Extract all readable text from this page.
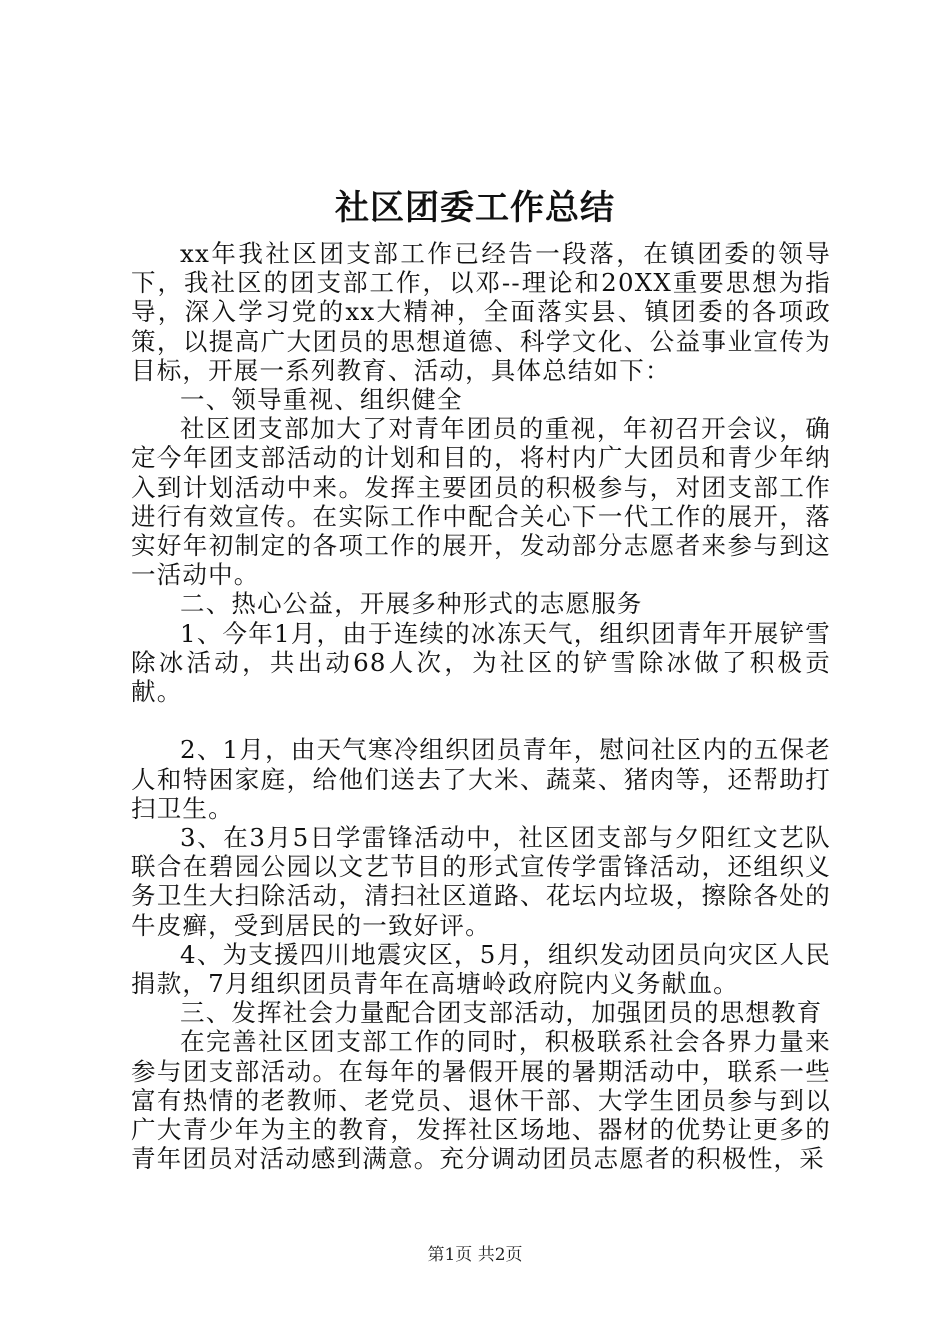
社区团委工作总结

xx年我社区团支部工作已经告一段落，在镇团委的领导下，我社区的团支部工作，以邓--理论和20XX重要思想为指导，深入学习党的xx大精神，全面落实县、镇团委的各项政策，以提高广大团员的思想道德、科学文化、公益事业宣传为目标，开展一系列教育、活动，具体总结如下：

一、领导重视、组织健全

社区团支部加大了对青年团员的重视，年初召开会议，确定今年团支部活动的计划和目的，将村内广大团员和青少年纳入到计划活动中来。发挥主要团员的积极参与，对团支部工作进行有效宣传。在实际工作中配合关心下一代工作的展开，落实好年初制定的各项工作的展开，发动部分志愿者来参与到这一活动中。

二、热心公益，开展多种形式的志愿服务

1、今年1月，由于连续的冰冻天气，组织团青年开展铲雪除冰活动，共出动68人次，为社区的铲雪除冰做了积极贡献。

2、1月，由天气寒冷组织团员青年，慰问社区内的五保老人和特困家庭，给他们送去了大米、蔬菜、猪肉等，还帮助打扫卫生。

3、在3月5日学雷锋活动中，社区团支部与夕阳红文艺队联合在碧园公园以文艺节目的形式宣传学雷锋活动，还组织义务卫生大扫除活动，清扫社区道路、花坛内垃圾，擦除各处的牛皮癣，受到居民的一致好评。

4、为支援四川地震灾区，5月，组织发动团员向灾区人民捐款，7月组织团员青年在高塘岭政府院内义务献血。

三、发挥社会力量配合团支部活动，加强团员的思想教育

在完善社区团支部工作的同时，积极联系社会各界力量来参与团支部活动。在每年的暑假开展的暑期活动中，联系一些富有热情的老教师、老党员、退休干部、大学生团员参与到以广大青少年为主的教育，发挥社区场地、器材的优势让更多的青年团员对活动感到满意。充分调动团员志愿者的积极性，采

第1页 共2页
